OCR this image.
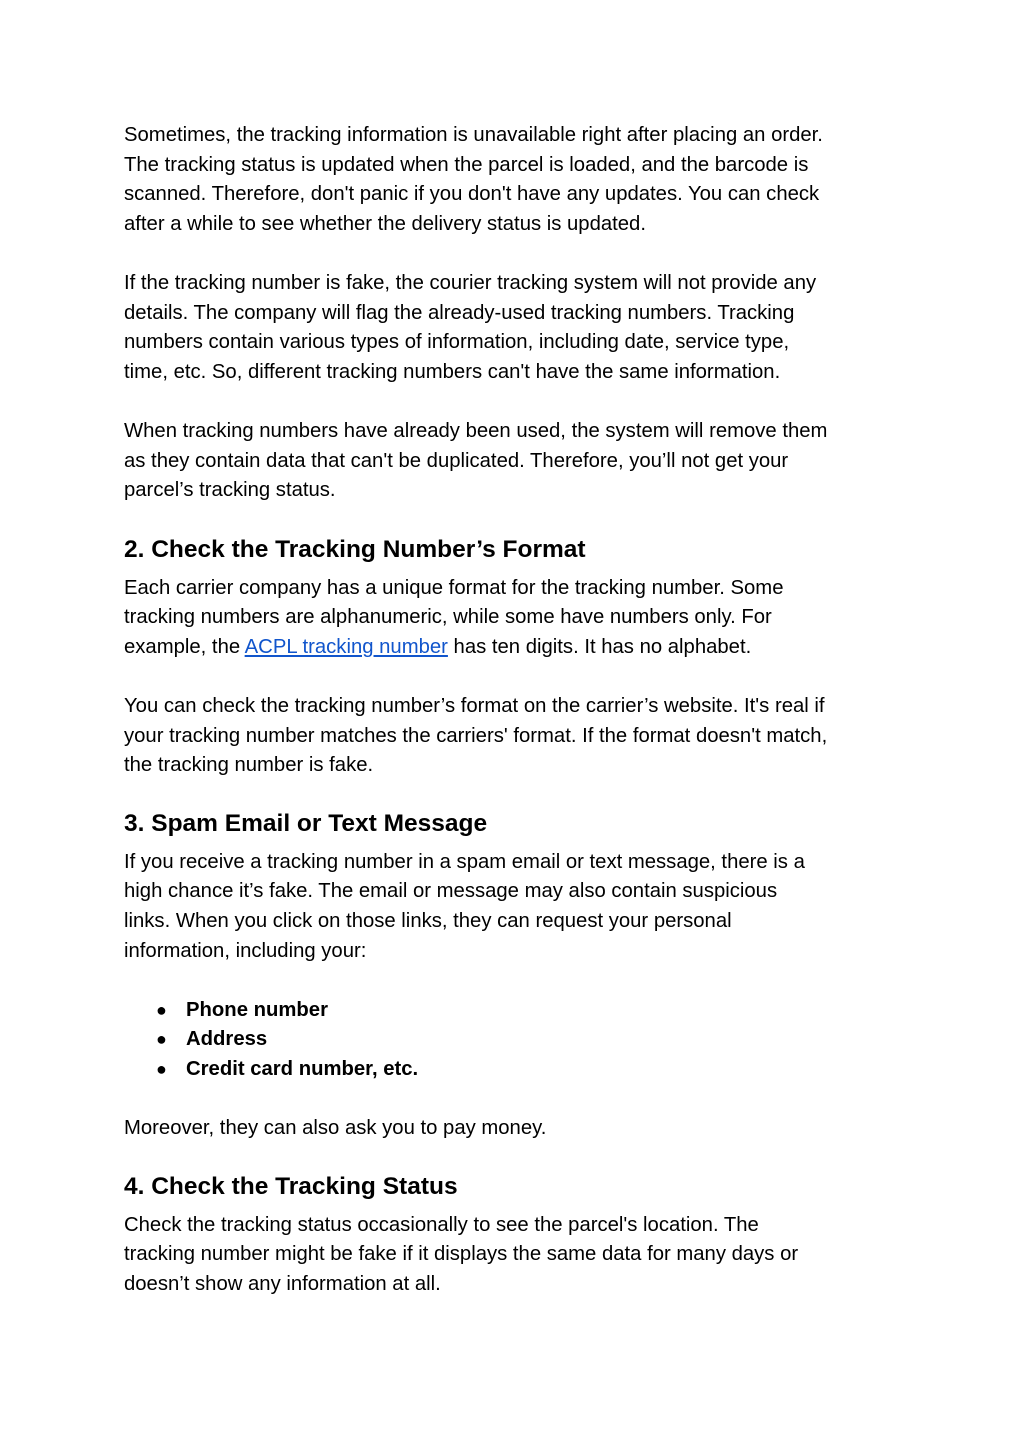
Sometimes, the tracking information is unavailable right after placing an order.
The tracking status is updated when the parcel is loaded, and the barcode is
scanned. Therefore, don't panic if you don't have any updates. You can check
after a while to see whether the delivery status is updated.

If the tracking number is fake, the courier tracking system will not provide any
details. The company will flag the already-used tracking numbers. Tracking
numbers contain various types of information, including date, service type,
time, etc. So, different tracking numbers can't have the same information.

When tracking numbers have already been used, the system will remove them
as they contain data that can't be duplicated. Therefore, you’ll not get your
parcel’s tracking status.

2. Check the Tracking Number’s Format

Each carrier company has a unique format for the tracking number. Some
tracking numbers are alphanumeric, while some have numbers only. For
example, the ACPL tracking number has ten digits. It has no alphabet.

You can check the tracking number’s format on the carrier’s website. It's real if
your tracking number matches the carriers' format. If the format doesn't match,
the tracking number is fake.

3. Spam Email or Text Message

If you receive a tracking number in a spam email or text message, there is a
high chance it’s fake. The email or message may also contain suspicious
links. When you click on those links, they can request your personal
information, including your:

● Phone number
● Address
● Credit card number, etc.

Moreover, they can also ask you to pay money.

4. Check the Tracking Status

Check the tracking status occasionally to see the parcel's location. The
tracking number might be fake if it displays the same data for many days or
doesn’t show any information at all.
